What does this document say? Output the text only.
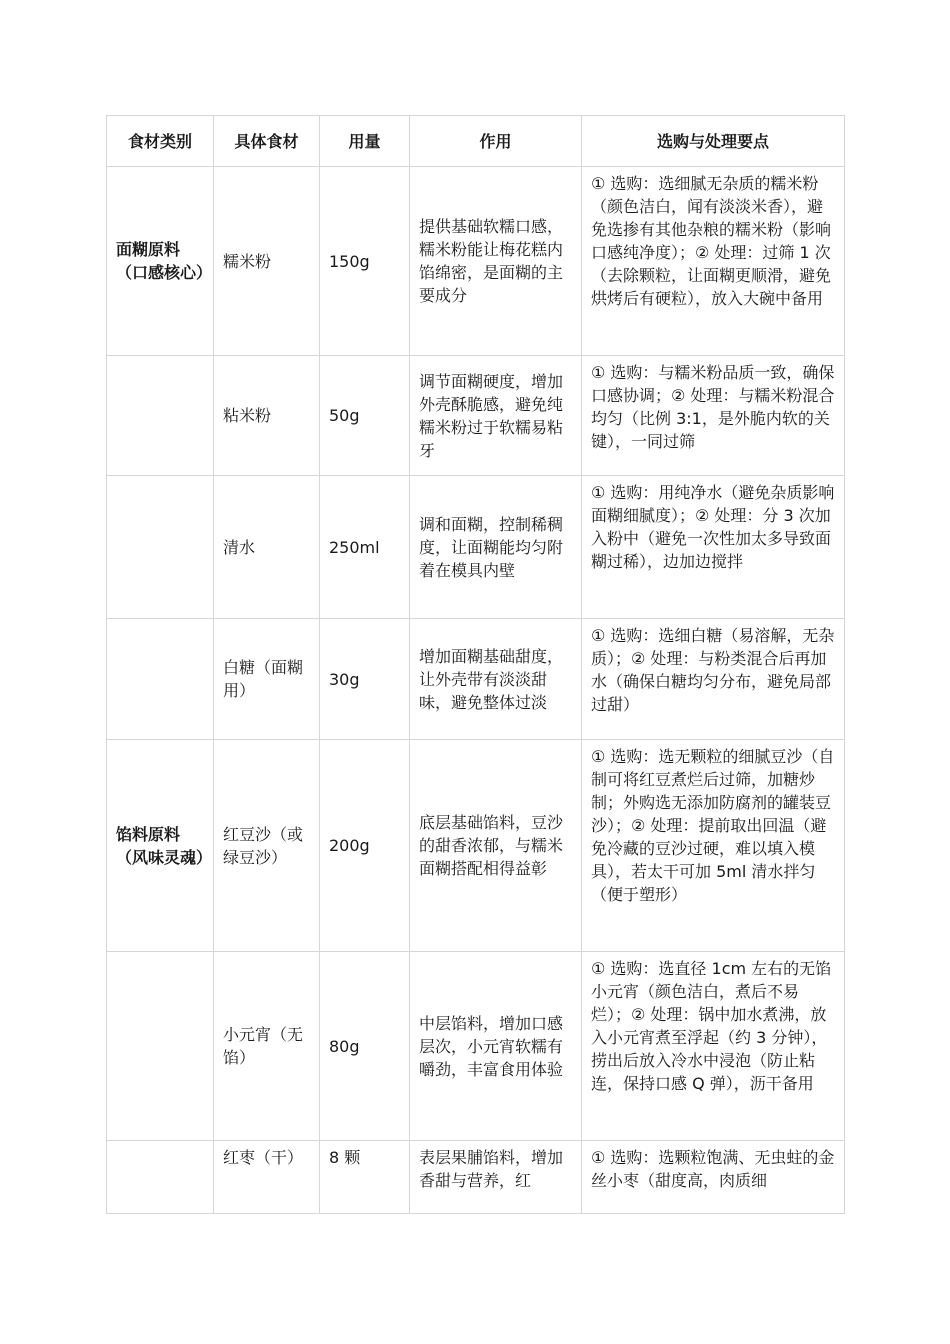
食材类别	具体食材	用量	作用	选购与处理要点
面糊原料（口感核心）	糯米粉	150g	提供基础软糯口感，糯米粉能让梅花糕内馅绵密，是面糊的主要成分	① 选购：选细腻无杂质的糯米粉（颜色洁白，闻有淡淡米香），避免选掺有其他杂粮的糯米粉（影响口感纯净度）；② 处理：过筛 1 次（去除颗粒，让面糊更顺滑，避免烘烤后有硬粒），放入大碗中备用
	粘米粉	50g	调节面糊硬度，增加外壳酥脆感，避免纯糯米粉过于软糯易粘牙	① 选购：与糯米粉品质一致，确保口感协调；② 处理：与糯米粉混合均匀（比例 3:1，是外脆内软的关键），一同过筛
	清水	250ml	调和面糊，控制稀稠度，让面糊能均匀附着在模具内壁	① 选购：用纯净水（避免杂质影响面糊细腻度）；② 处理：分 3 次加入粉中（避免一次性加太多导致面糊过稀），边加边搅拌
	白糖（面糊用）	30g	增加面糊基础甜度，让外壳带有淡淡甜味，避免整体过淡	① 选购：选细白糖（易溶解，无杂质）；② 处理：与粉类混合后再加水（确保白糖均匀分布，避免局部过甜）
馅料原料（风味灵魂）	红豆沙（或绿豆沙）	200g	底层基础馅料，豆沙的甜香浓郁，与糯米面糊搭配相得益彰	① 选购：选无颗粒的细腻豆沙（自制可将红豆煮烂后过筛，加糖炒制；外购选无添加防腐剂的罐装豆沙）；② 处理：提前取出回温（避免冷藏的豆沙过硬，难以填入模具），若太干可加 5ml 清水拌匀（便于塑形）
	小元宵（无馅）	80g	中层馅料，增加口感层次，小元宵软糯有嚼劲，丰富食用体验	① 选购：选直径 1cm 左右的无馅小元宵（颜色洁白，煮后不易烂）；② 处理：锅中加水煮沸，放入小元宵煮至浮起（约 3 分钟），捞出后放入冷水中浸泡（防止粘连，保持口感 Q 弹），沥干备用
	红枣（干）	8 颗	表层果脯馅料，增加香甜与营养，红	① 选购：选颗粒饱满、无虫蛀的金丝小枣（甜度高，肉质细
